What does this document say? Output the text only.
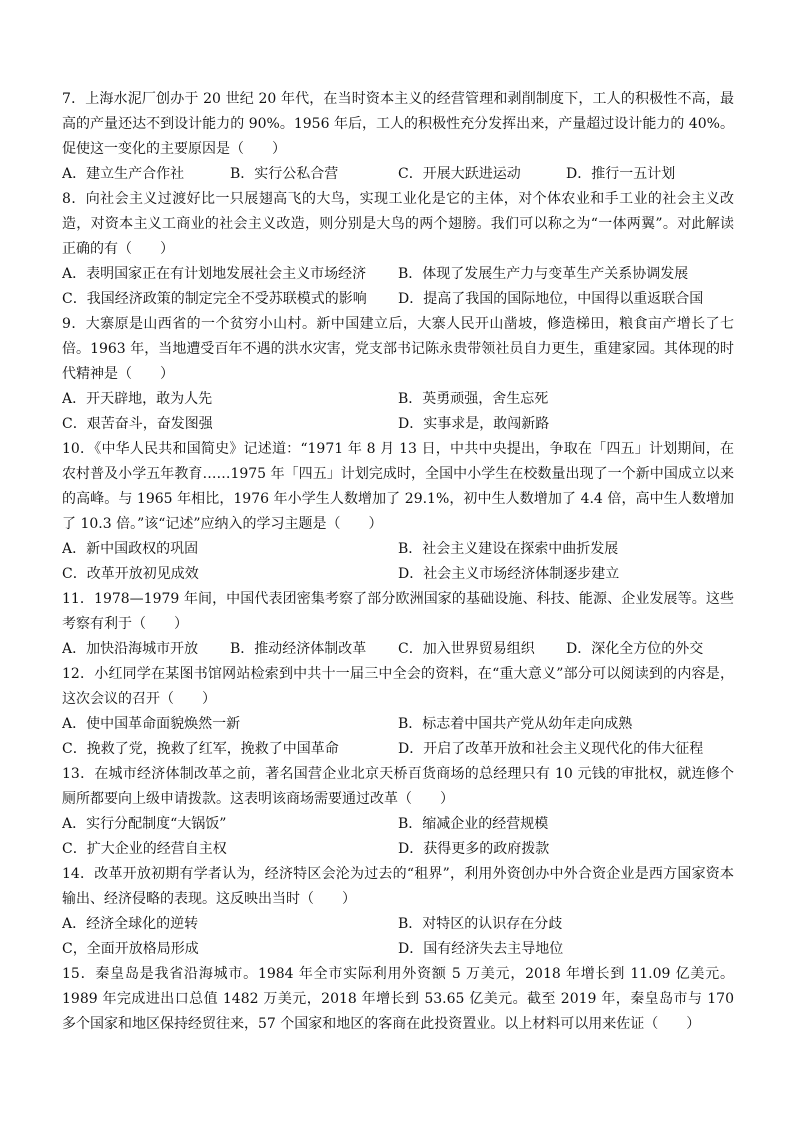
7．上海水泥厂创办于 20 世纪 20 年代，在当时资本主义的经营管理和剥削制度下，工人的积极性不高，最高的产量还达不到设计能力的 90%。1956 年后，工人的积极性充分发挥出来，产量超过设计能力的 40%。促使这一变化的主要原因是（　　）

A．建立生产合作社	B．实行公私合营	C．开展大跃进运动	D．推行一五计划

8．向社会主义过渡好比一只展翅高飞的大鸟，实现工业化是它的主体，对个体农业和手工业的社会主义改造，对资本主义工商业的社会主义改造，则分别是大鸟的两个翅膀。我们可以称之为“一体两翼”。对此解读正确的有（　　）

A．表明国家正在有计划地发展社会主义市场经济	B．体现了发展生产力与变革生产关系协调发展
C．我国经济政策的制定完全不受苏联模式的影响	D．提高了我国的国际地位，中国得以重返联合国

9．大寨原是山西省的一个贫穷小山村。新中国建立后，大寨人民开山凿坡，修造梯田，粮食亩产增长了七倍。1963 年，当地遭受百年不遇的洪水灾害，党支部书记陈永贵带领社员自力更生，重建家园。其体现的时代精神是（　　）

A．开天辟地，敢为人先	B．英勇顽强，舍生忘死
C．艰苦奋斗，奋发图强	D．实事求是，敢闯新路

10．《中华人民共和国简史》记述道：“1971 年 8 月 13 日，中共中央提出，争取在「四五」计划期间，在农村普及小学五年教育……1975 年「四五」计划完成时，全国中小学生在校数量出现了一个新中国成立以来的高峰。与 1965 年相比，1976 年小学生人数增加了 29.1%，初中生人数增加了 4.4 倍，高中生人数增加了 10.3 倍。”该“记述”应纳入的学习主题是（　　）

A．新中国政权的巩固	B．社会主义建设在探索中曲折发展
C．改革开放初见成效	D．社会主义市场经济体制逐步建立

11．1978—1979 年间，中国代表团密集考察了部分欧洲国家的基础设施、科技、能源、企业发展等。这些考察有利于（　　）

A．加快沿海城市开放	B．推动经济体制改革	C．加入世界贸易组织	D．深化全方位的外交

12．小红同学在某图书馆网站检索到中共十一届三中全会的资料，在“重大意义”部分可以阅读到的内容是，这次会议的召开（　　）

A．使中国革命面貌焕然一新	B．标志着中国共产党从幼年走向成熟
C．挽救了党，挽救了红军，挽救了中国革命	D．开启了改革开放和社会主义现代化的伟大征程

13．在城市经济体制改革之前，著名国营企业北京天桥百货商场的总经理只有 10 元钱的审批权，就连修个厕所都要向上级申请拨款。这表明该商场需要通过改革（　　）

A．实行分配制度“大锅饭”	B．缩减企业的经营规模
C．扩大企业的经营自主权	D．获得更多的政府拨款

14．改革开放初期有学者认为，经济特区会沦为过去的“租界”，利用外资创办中外合资企业是西方国家资本输出、经济侵略的表现。这反映出当时（　　）

A．经济全球化的逆转	B．对特区的认识存在分歧
C，全面开放格局形成	D．国有经济失去主导地位

15．秦皇岛是我省沿海城市。1984 年全市实际利用外资额 5 万美元，2018 年增长到 11.09 亿美元。1989 年完成进出口总值 1482 万美元，2018 年增长到 53.65 亿美元。截至 2019 年，秦皇岛市与 170 多个国家和地区保持经贸往来，57 个国家和地区的客商在此投资置业。以上材料可以用来佐证（　　）
